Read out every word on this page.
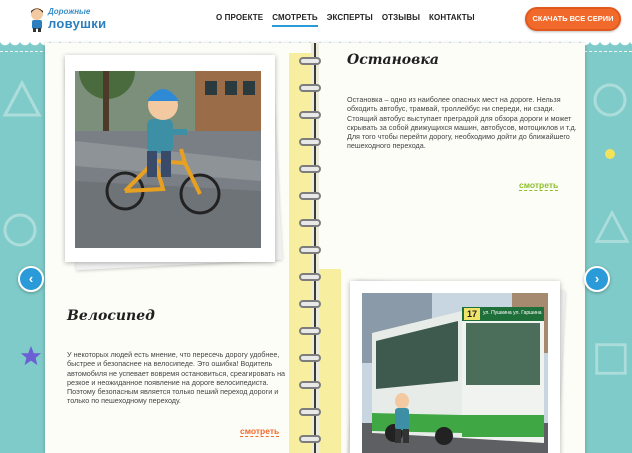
Дорожные
ловушки	О ПРОЕКТЕ СМОТРЕТЬ ЭКСПЕРТЫ ОТЗЫВЫ КОНТАКТЫ	СКАЧАТЬ ВСЕ СЕРИИ
Остановка
Остановка – одно из наиболее опасных мест на дороге. Нельзя обходить автобус, трамвай, троллейбус ни спереди, ни сзади. Стоящий автобус выступает преградой для обзора дороги и может скрывать за собой движущихся машин, автобусов, мотоциклов и т.д. Для того чтобы перейти дорогу, необходимо дойти до ближайшего пешеходного перехода.
смотреть
Велосипед
У некоторых людей есть мнение, что пересечь дорогу удобнее, быстрее и безопаснее на велосипеде. Это ошибка! Водитель автомобиля не успевает вовремя остановиться, среагировать на резкое и неожиданное появление на дороге велосипедиста. Поэтому безопасным является только пеший переход дороги и только по пешеходному переходу.
смотреть
17 ул. Пушкина ул. Гаршина
‹	›
